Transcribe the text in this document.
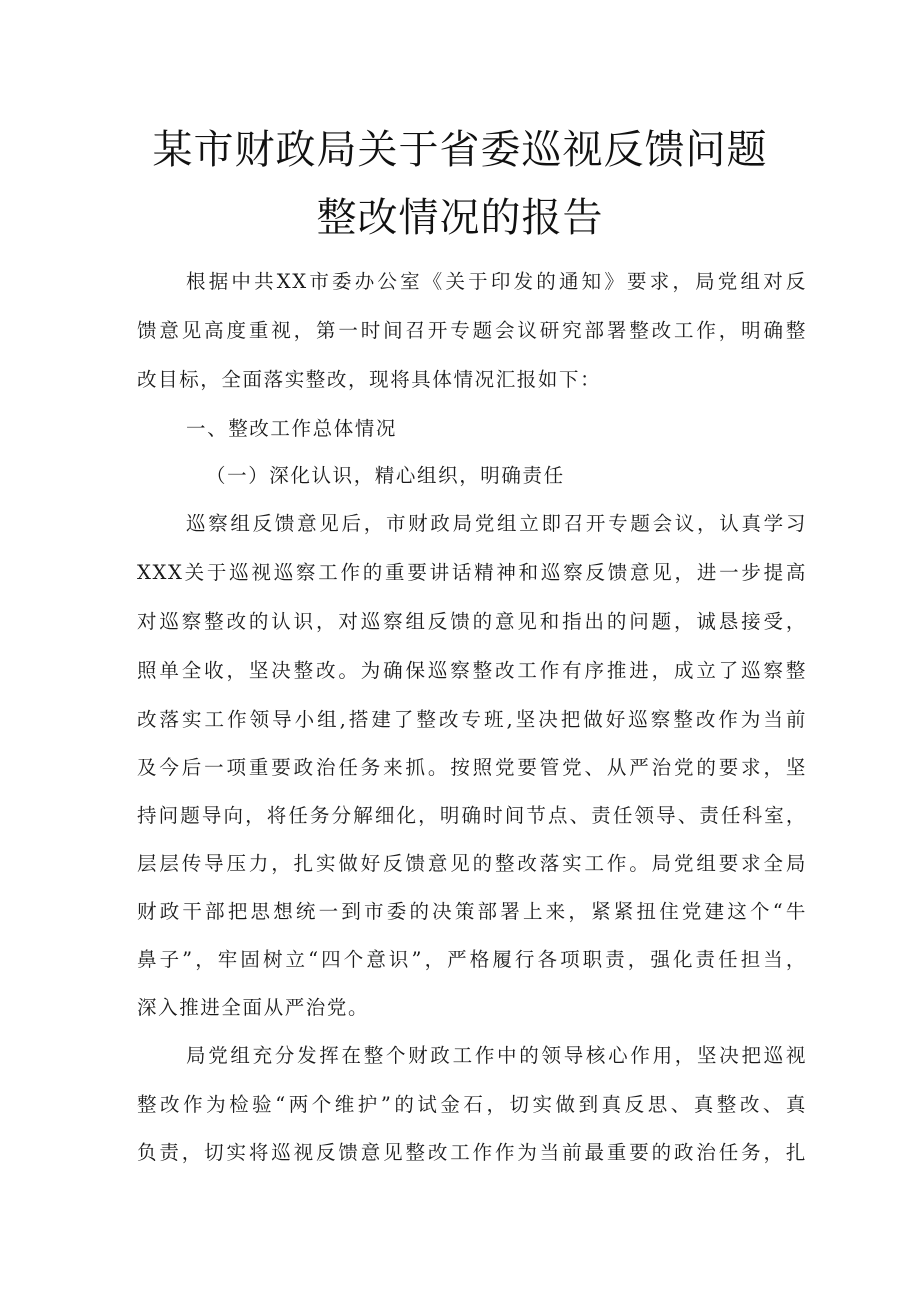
某市财政局关于省委巡视反馈问题
整改情况的报告
根据中共XX市委办公室《关于印发的通知》要求，局党组对反
馈意见高度重视，第一时间召开专题会议研究部署整改工作，明确整
改目标，全面落实整改，现将具体情况汇报如下：
一、整改工作总体情况
（一）深化认识，精心组织，明确责任
巡察组反馈意见后，市财政局党组立即召开专题会议，认真学习
XXX关于巡视巡察工作的重要讲话精神和巡察反馈意见，进一步提高
对巡察整改的认识，对巡察组反馈的意见和指出的问题，诚恳接受，
照单全收，坚决整改。为确保巡察整改工作有序推进，成立了巡察整
改落实工作领导小组,搭建了整改专班,坚决把做好巡察整改作为当前
及今后一项重要政治任务来抓。按照党要管党、从严治党的要求，坚
持问题导向，将任务分解细化，明确时间节点、责任领导、责任科室，
层层传导压力，扎实做好反馈意见的整改落实工作。局党组要求全局
财政干部把思想统一到市委的决策部署上来，紧紧扭住党建这个“牛
鼻子”，牢固树立“四个意识”，严格履行各项职责，强化责任担当，
深入推进全面从严治党。
局党组充分发挥在整个财政工作中的领导核心作用，坚决把巡视
整改作为检验“两个维护”的试金石，切实做到真反思、真整改、真
负责，切实将巡视反馈意见整改工作作为当前最重要的政治任务，扎
